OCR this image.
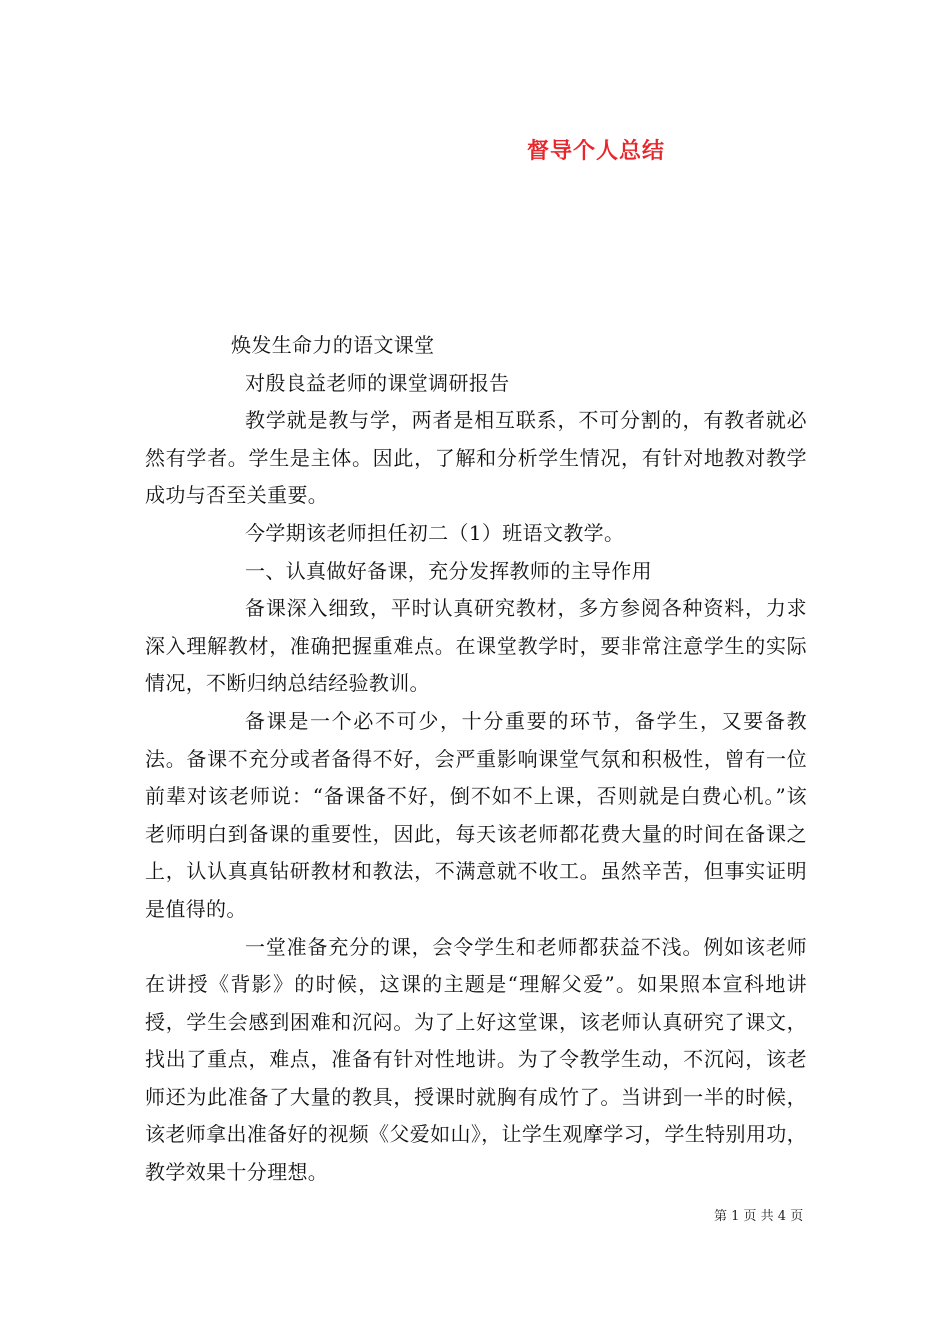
督导个人总结

焕发生命力的语文课堂

对殷良益老师的课堂调研报告

教学就是教与学，两者是相互联系，不可分割的，有教者就必然有学者。学生是主体。因此，了解和分析学生情况，有针对地教对教学成功与否至关重要。

今学期该老师担任初二（1）班语文教学。

一、认真做好备课，充分发挥教师的主导作用

备课深入细致，平时认真研究教材，多方参阅各种资料，力求深入理解教材，准确把握重难点。在课堂教学时，要非常注意学生的实际情况，不断归纳总结经验教训。

备课是一个必不可少，十分重要的环节，备学生，又要备教法。备课不充分或者备得不好，会严重影响课堂气氛和积极性，曾有一位前辈对该老师说：“备课备不好，倒不如不上课，否则就是白费心机。”该老师明白到备课的重要性，因此，每天该老师都花费大量的时间在备课之上，认认真真钻研教材和教法，不满意就不收工。虽然辛苦，但事实证明是值得的。

一堂准备充分的课，会令学生和老师都获益不浅。例如该老师在讲授《背影》的时候，这课的主题是“理解父爱”。如果照本宣科地讲授，学生会感到困难和沉闷。为了上好这堂课，该老师认真研究了课文，找出了重点，难点，准备有针对性地讲。为了令教学生动，不沉闷，该老师还为此准备了大量的教具，授课时就胸有成竹了。当讲到一半的时候，该老师拿出准备好的视频《父爱如山》，让学生观摩学习，学生特别用功，教学效果十分理想。

第 1 页 共 4 页
